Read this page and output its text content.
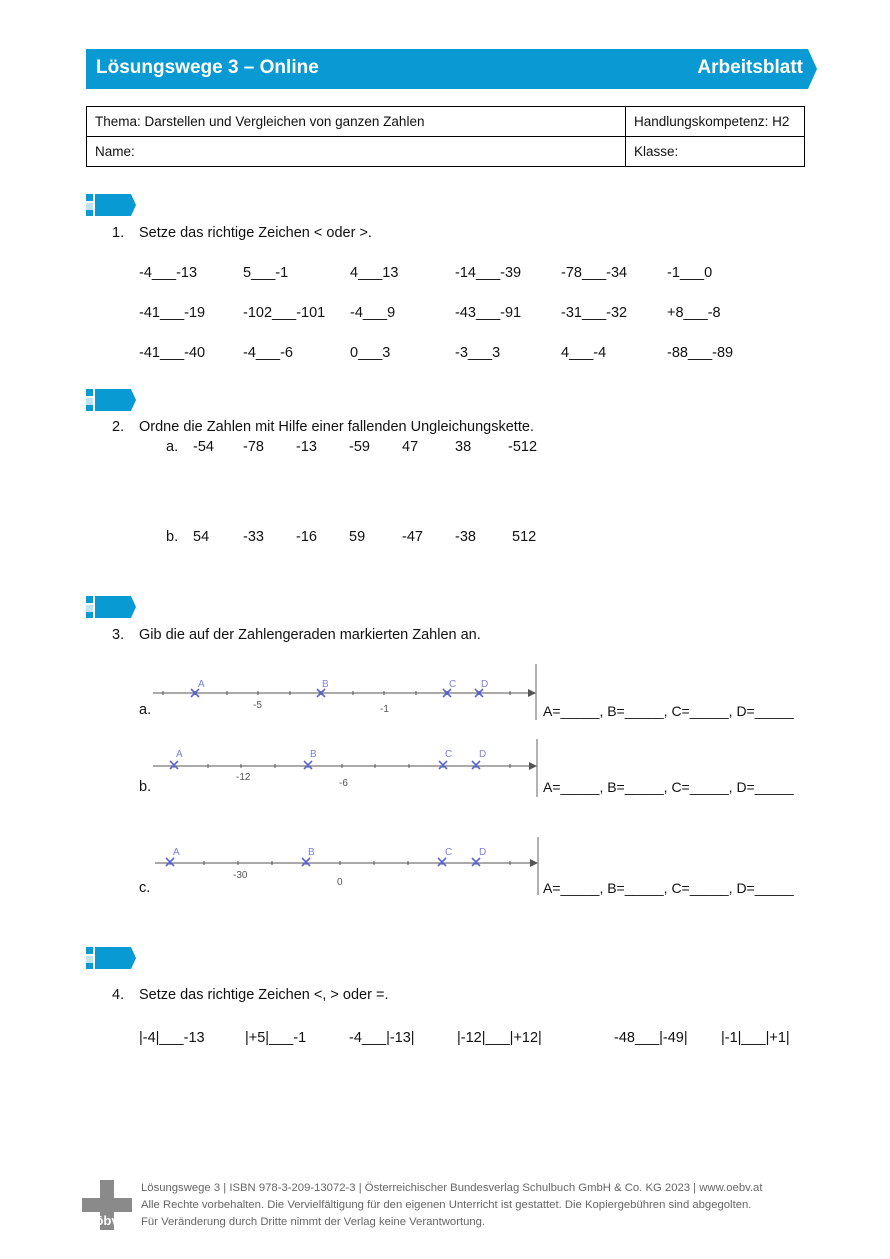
Lösungswege 3 – Online	Arbeitsblatt
Thema: Darstellen und Vergleichen von ganzen Zahlen	Handlungskompetenz: H2
Name:	Klasse:
1. Setze das richtige Zeichen < oder >.
-4___-13	5___-1	4___13	-14___-39	-78___-34	-1___0
-41___-19	-102___-101 -4___9	-43___-91	-31___-32	+8___-8
-41___-40	-4___-6	0___3	-3___3	4___-4	-88___-89
2. Ordne die Zahlen mit Hilfe einer fallenden Ungleichungskette.
a. -54 -78 -13 -59 47	38	-512
b. 54 -33 -16 59	-47 -38 512
3. Gib die auf der Zahlengeraden markierten Zahlen an.
a.	-5	-1
A	B	C D
A=_____, B=_____, C=_____, D=_____
b.
-12
-6
A	B	C	D
A=_____, B=_____, C=_____, D=_____
c.
-30
0
A	B	C	D
A=_____, B=_____, C=_____, D=_____
4. Setze das richtige Zeichen <, > oder =.
|-4|___-13	|+5|___-1	-4___|-13|	|-12|___|+12|	-48___|-49| |-1|___|+1|
öbv
Lösungswege 3 | ISBN 978-3-209-13072-3 | Österreichischer Bundesverlag Schulbuch GmbH & Co. KG 2023 | www.oebv.at
Alle Rechte vorbehalten. Die Vervielfältigung für den eigenen Unterricht ist gestattet. Die Kopiergebühren sind abgegolten.
Für Veränderung durch Dritte nimmt der Verlag keine Verantwortung.
